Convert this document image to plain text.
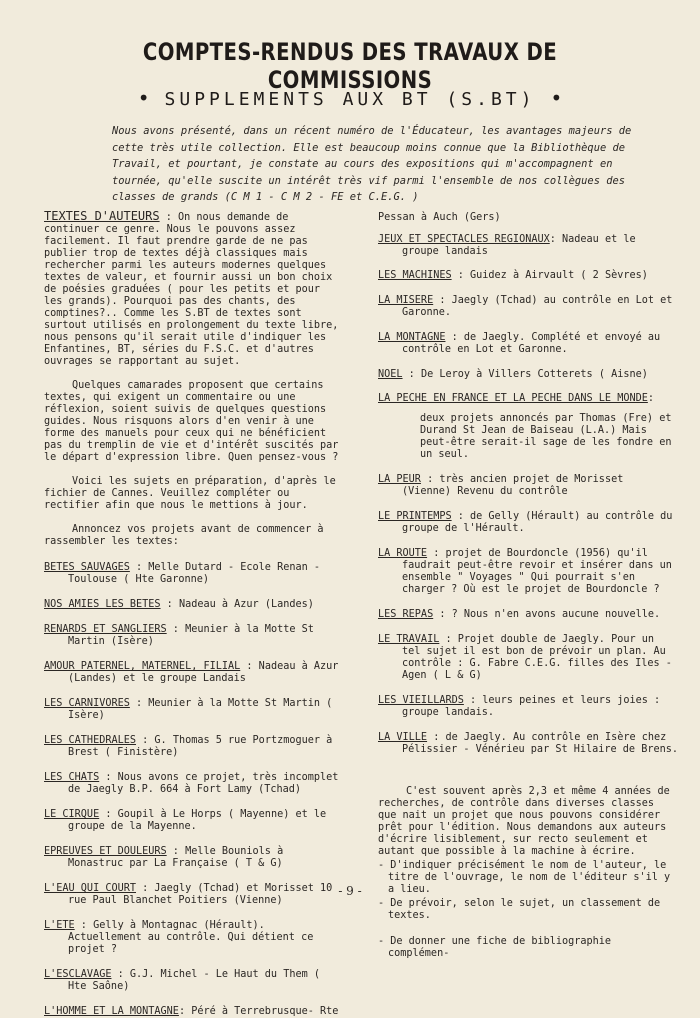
COMPTES-RENDUS DES TRAVAUX DE COMMISSIONS

• SUPPLEMENTS AUX BT (S.BT) •

Nous avons présenté, dans un récent numéro de l'Éducateur, les avantages majeurs de cette très utile collection. Elle est beaucoup moins connue que la Bibliothèque de Travail, et pourtant, je constate au cours des expositions qui m'accompagnent en tournée, qu'elle suscite un intérêt très vif parmi l'ensemble de nos collègues des classes de grands (C M 1 - C M 2 - FE et C.E.G. )

TEXTES D'AUTEURS : On nous demande de continuer ce genre. Nous le pouvons assez facilement. Il faut prendre garde de ne pas publier trop de textes déjà classiques mais rechercher parmi les auteurs modernes quelques textes de valeur, et fournir aussi un bon choix de poésies graduées ( pour les petits et pour les grands). Pourquoi pas des chants, des comptines?.. Comme les S.BT de textes sont surtout utilisés en prolongement du texte libre, nous pensons qu'il serait utile d'indiquer les Enfantines, BT, séries du F.S.C. et d'autres ouvrages se rapportant au sujet.

Quelques camarades proposent que certains textes, qui exigent un commentaire ou une réflexion, soient suivis de quelques questions guides. Nous risquons alors d'en venir à une forme des manuels pour ceux qui ne bénéficient pas du tremplin de vie et d'intérêt suscités par le départ d'expression libre. Quen pensez-vous ?

Voici les sujets en préparation, d'après le fichier de Cannes. Veuillez compléter ou rectifier afin que nous le mettions à jour.

Annoncez vos projets avant de commencer à rassembler les textes:

BETES SAUVAGES : Melle Dutard - Ecole Renan - Toulouse ( Hte Garonne)

NOS AMIES LES BETES : Nadeau à Azur (Landes)

RENARDS ET SANGLIERS : Meunier à la Motte St Martin (Isère)

AMOUR PATERNEL, MATERNEL, FILIAL : Nadeau à Azur (Landes) et le groupe Landais

LES CARNIVORES : Meunier à la Motte St Martin ( Isère)

LES CATHEDRALES : G. Thomas 5 rue Portzmoguer à Brest ( Finistère)

LES CHATS : Nous avons ce projet, très incomplet de Jaegly B.P. 664 à Fort Lamy (Tchad)

LE CIRQUE : Goupil à Le Horps ( Mayenne) et le groupe de la Mayenne.

EPREUVES ET DOULEURS : Melle Bouniols à Monastruc par La Française ( T & G)

L'EAU QUI COURT : Jaegly (Tchad) et Morisset 10 rue Paul Blanchet Poitiers (Vienne)

L'ETE : Gelly à Montagnac (Hérault). Actuellement au contrôle. Qui détient ce projet ?

L'ESCLAVAGE : G.J. Michel - Le Haut du Them ( Hte Saône)

L'HOMME ET LA MONTAGNE: Péré à Terrebrusque- Rte

Pessan à Auch (Gers)

JEUX ET SPECTACLES REGIONAUX: Nadeau et le groupe landais

LES MACHINES : Guidez à Airvault ( 2 Sèvres)

LA MISERE : Jaegly (Tchad) au contrôle en Lot et Garonne.

LA MONTAGNE : de Jaegly. Complété et envoyé au contrôle en Lot et Garonne.

NOEL : De Leroy à Villers Cotterets ( Aisne)

LA PECHE EN FRANCE ET LA PECHE DANS LE MONDE:

deux projets annoncés par Thomas (Fre) et Durand St Jean de Baiseau (L.A.) Mais peut-être serait-il sage de les fondre en un seul.

LA PEUR : très ancien projet de Morisset (Vienne) Revenu du contrôle

LE PRINTEMPS : de Gelly (Hérault) au contrôle du groupe de l'Hérault.

LA ROUTE : projet de Bourdoncle (1956) qu'il faudrait peut-être revoir et insérer dans un ensemble " Voyages " Qui pourrait s'en charger ? Où est le projet de Bourdoncle ?

LES REPAS : ? Nous n'en avons aucune nouvelle.

LE TRAVAIL : Projet double de Jaegly. Pour un tel sujet il est bon de prévoir un plan. Au contrôle : G. Fabre C.E.G. filles des Iles - Agen ( L & G)

LES VIEILLARDS : leurs peines et leurs joies : groupe landais.

LA VILLE : de Jaegly. Au contrôle en Isère chez Pélissier - Vénérieu par St Hilaire de Brens.

C'est souvent après 2,3 et même 4 années de recherches, de contrôle dans diverses classes que nait un projet que nous pouvons considérer prêt pour l'édition. Nous demandons aux auteurs d'écrire lisiblement, sur recto seulement et autant que possible à la machine à écrire.

- D'indiquer précisément le nom de l'auteur, le titre de l'ouvrage, le nom de l'éditeur s'il y a lieu.

- De prévoir, selon le sujet, un classement de textes.

- De donner une fiche de bibliographie complémen-

- 9 -
